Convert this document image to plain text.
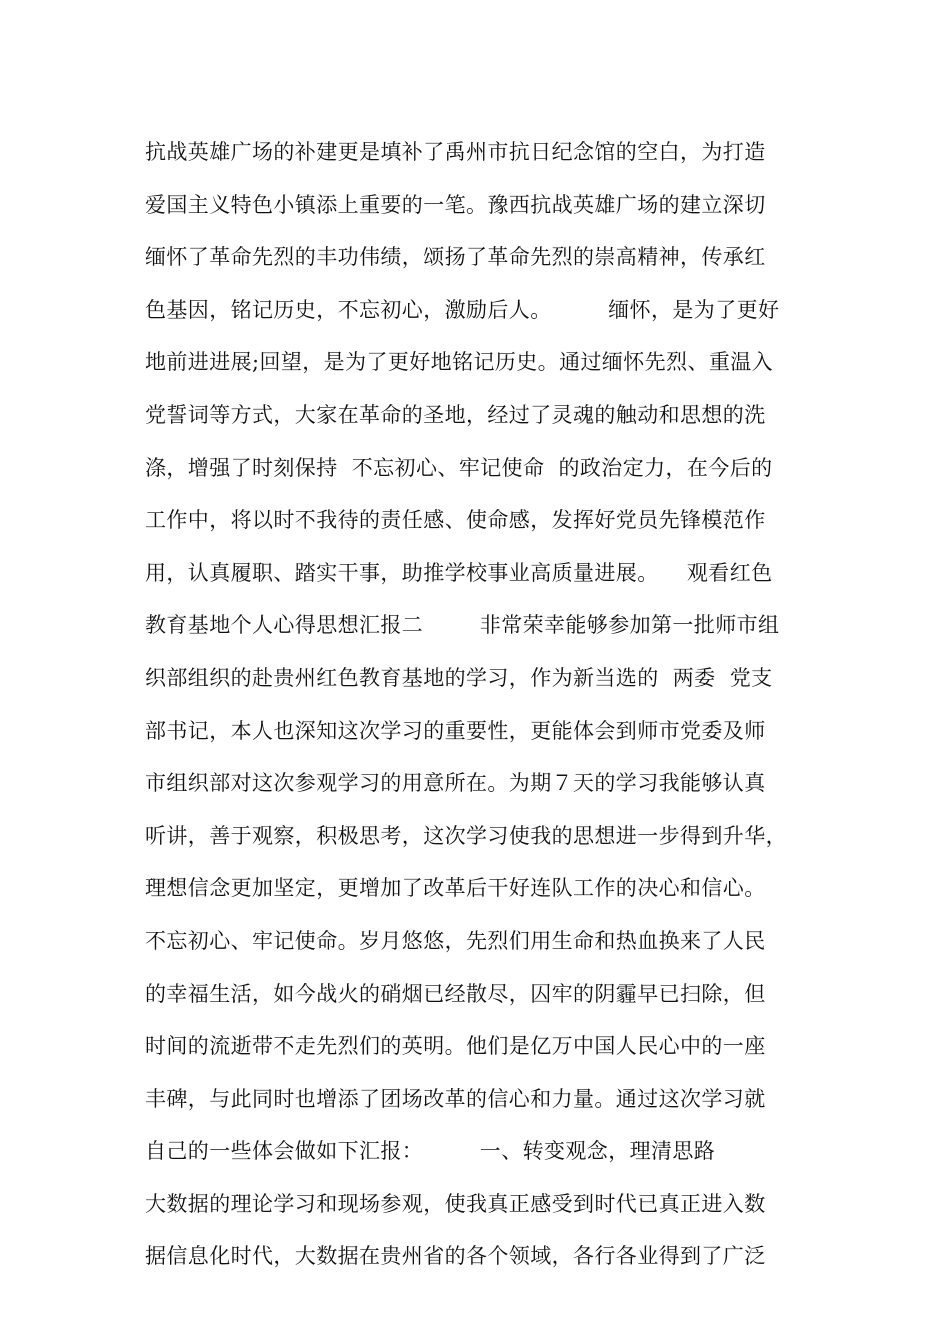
抗战英雄广场的补建更是填补了禹州市抗日纪念馆的空白，为打造
爱国主义特色小镇添上重要的一笔。豫西抗战英雄广场的建立深切
缅怀了革命先烈的丰功伟绩，颂扬了革命先烈的崇高精神，传承红
色基因，铭记历史，不忘初心，激励后人。        缅怀，是为了更好
地前进进展;回望，是为了更好地铭记历史。通过缅怀先烈、重温入
党誓词等方式，大家在革命的圣地，经过了灵魂的触动和思想的洗
涤，增强了时刻保持  不忘初心、牢记使命  的政治定力，在今后的
工作中，将以时不我待的责任感、使命感，发挥好党员先锋模范作
用，认真履职、踏实干事，助推学校事业高质量进展。    观看红色
教育基地个人心得思想汇报二        非常荣幸能够参加第一批师市组
织部组织的赴贵州红色教育基地的学习，作为新当选的  两委  党支
部书记，本人也深知这次学习的重要性，更能体会到师市党委及师
市组织部对这次参观学习的用意所在。为期７天的学习我能够认真
听讲，善于观察，积极思考，这次学习使我的思想进一步得到升华，
理想信念更加坚定，更增加了改革后干好连队工作的决心和信心。
不忘初心、牢记使命。岁月悠悠，先烈们用生命和热血换来了人民
的幸福生活，如今战火的硝烟已经散尽，囚牢的阴霾早已扫除，但
时间的流逝带不走先烈们的英明。他们是亿万中国人民心中的一座
丰碑，与此同时也增添了团场改革的信心和力量。通过这次学习就
自己的一些体会做如下汇报：        一、转变观念，理清思路
大数据的理论学习和现场参观，使我真正感受到时代已真正进入数
据信息化时代，大数据在贵州省的各个领域，各行各业得到了广泛
